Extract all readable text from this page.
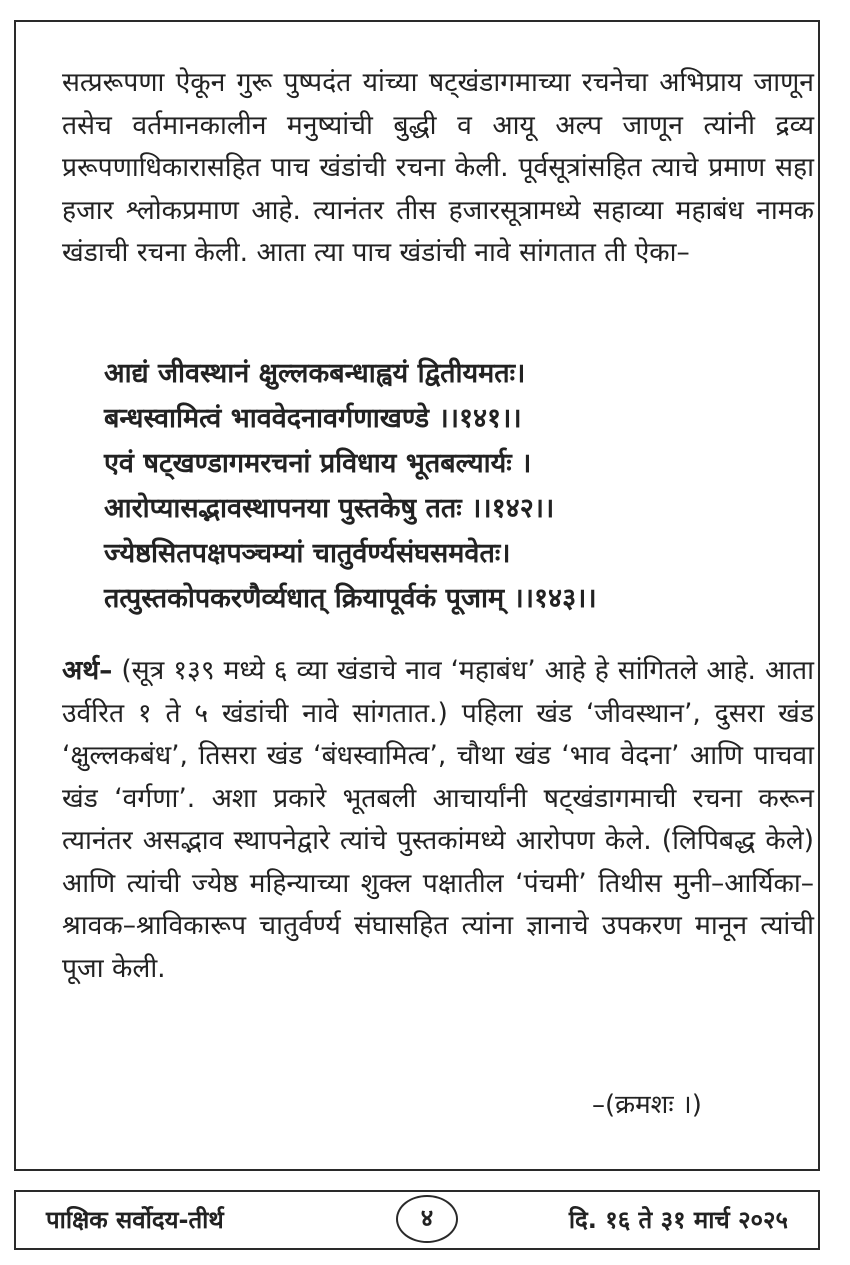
सत्प्ररूपणा ऐकून गुरू पुष्पदंत यांच्या षट्खंडागमाच्या रचनेचा अभिप्राय जाणून तसेच वर्तमानकालीन मनुष्यांची बुद्धी व आयू अल्प जाणून त्यांनी द्रव्य प्ररूपणाधिकारासहित पाच खंडांची रचना केली. पूर्वसूत्रांसहित त्याचे प्रमाण सहा हजार श्लोकप्रमाण आहे. त्यानंतर तीस हजारसूत्रामध्ये सहाव्या महाबंध नामक खंडाची रचना केली. आता त्या पाच खंडांची नावे सांगतात ती ऐका–

आद्यं जीवस्थानं क्षुल्लकबन्धाह्वयं द्वितीयमतः।

बन्धस्वामित्वं भाववेदनावर्गणाखण्डे ।।१४१।।

एवं षट्खण्डागमरचनां प्रविधाय भूतबल्यार्यः ।

आरोप्यासद्भावस्थापनया पुस्तकेषु ततः ।।१४२।।

ज्येष्ठसितपक्षपञ्चम्यां चातुर्वर्ण्यसंघसमवेतः।

तत्पुस्तकोपकरणैर्व्यधात् क्रियापूर्वकं पूजाम् ।।१४३।।

अर्थ– (सूत्र १३९ मध्ये ६ व्या खंडाचे नाव ‘महाबंध’ आहे हे सांगितले आहे. आता उर्वरित १ ते ५ खंडांची नावे सांगतात.) पहिला खंड ‘जीवस्थान’, दुसरा खंड ‘क्षुल्लकबंध’, तिसरा खंड ‘बंधस्वामित्व’, चौथा खंड ‘भाव वेदना’ आणि पाचवा खंड ‘वर्गणा’. अशा प्रकारे भूतबली आचार्यांनी षट्खंडागमाची रचना करून त्यानंतर असद्भाव स्थापनेद्वारे त्यांचे पुस्तकांमध्ये आरोपण केले. (लिपिबद्ध केले) आणि त्यांची ज्येष्ठ महिन्याच्या शुक्ल पक्षातील ‘पंचमी’ तिथीस मुनी–आर्यिका–श्रावक–श्राविकारूप चातुर्वर्ण्य संघासहित त्यांना ज्ञानाचे उपकरण मानून त्यांची पूजा केली.

–(क्रमशः ।)
पाक्षिक सर्वोदय-तीर्थ	४	दि. १६ ते ३१ मार्च २०२५
